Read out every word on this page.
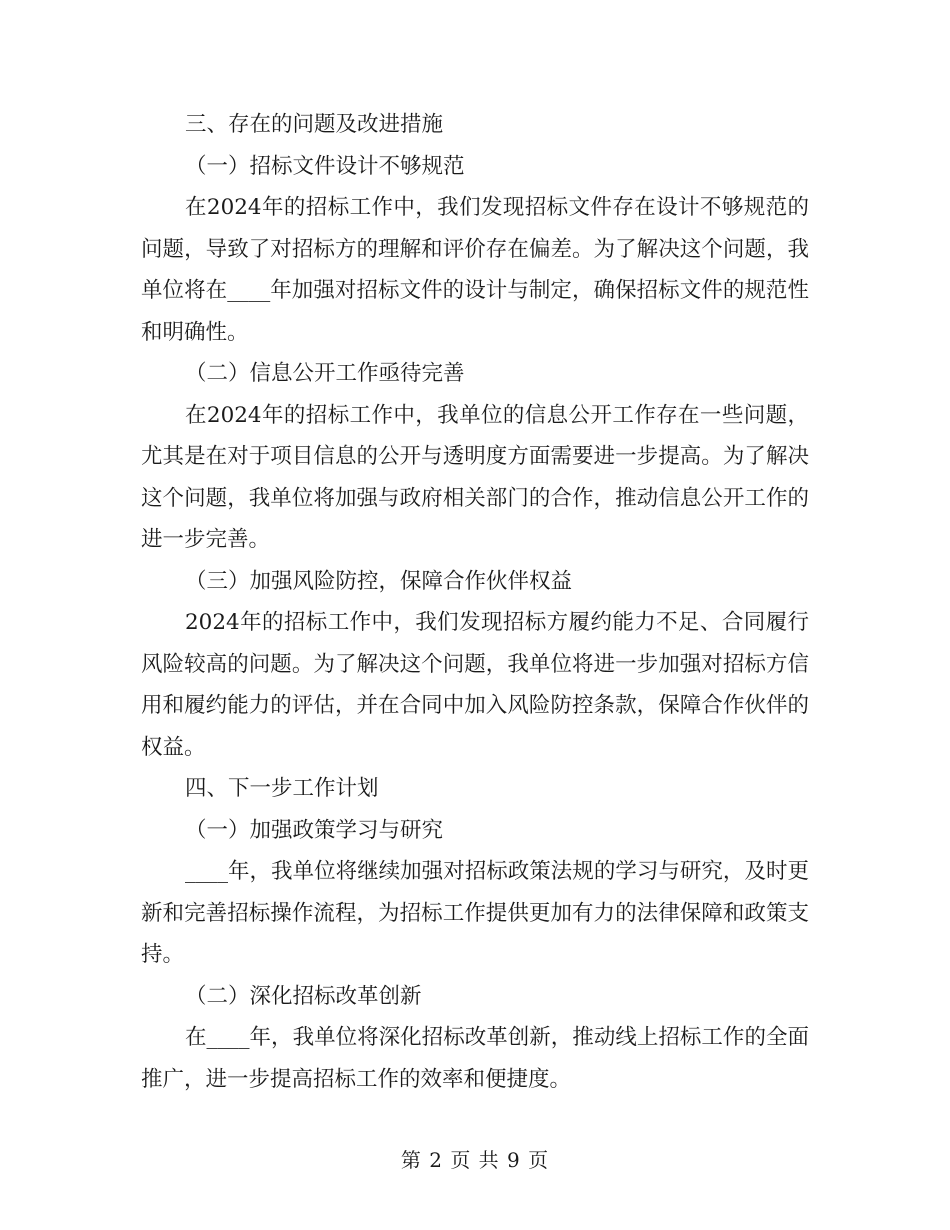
三、存在的问题及改进措施

（一）招标文件设计不够规范

在2024年的招标工作中，我们发现招标文件存在设计不够规范的问题，导致了对招标方的理解和评价存在偏差。为了解决这个问题，我单位将在____年加强对招标文件的设计与制定，确保招标文件的规范性和明确性。

（二）信息公开工作亟待完善

在2024年的招标工作中，我单位的信息公开工作存在一些问题，尤其是在对于项目信息的公开与透明度方面需要进一步提高。为了解决这个问题，我单位将加强与政府相关部门的合作，推动信息公开工作的进一步完善。

（三）加强风险防控，保障合作伙伴权益

2024年的招标工作中，我们发现招标方履约能力不足、合同履行风险较高的问题。为了解决这个问题，我单位将进一步加强对招标方信用和履约能力的评估，并在合同中加入风险防控条款，保障合作伙伴的权益。

四、下一步工作计划

（一）加强政策学习与研究

____年，我单位将继续加强对招标政策法规的学习与研究，及时更新和完善招标操作流程，为招标工作提供更加有力的法律保障和政策支持。

（二）深化招标改革创新

在____年，我单位将深化招标改革创新，推动线上招标工作的全面推广，进一步提高招标工作的效率和便捷度。

第 2 页 共 9 页
